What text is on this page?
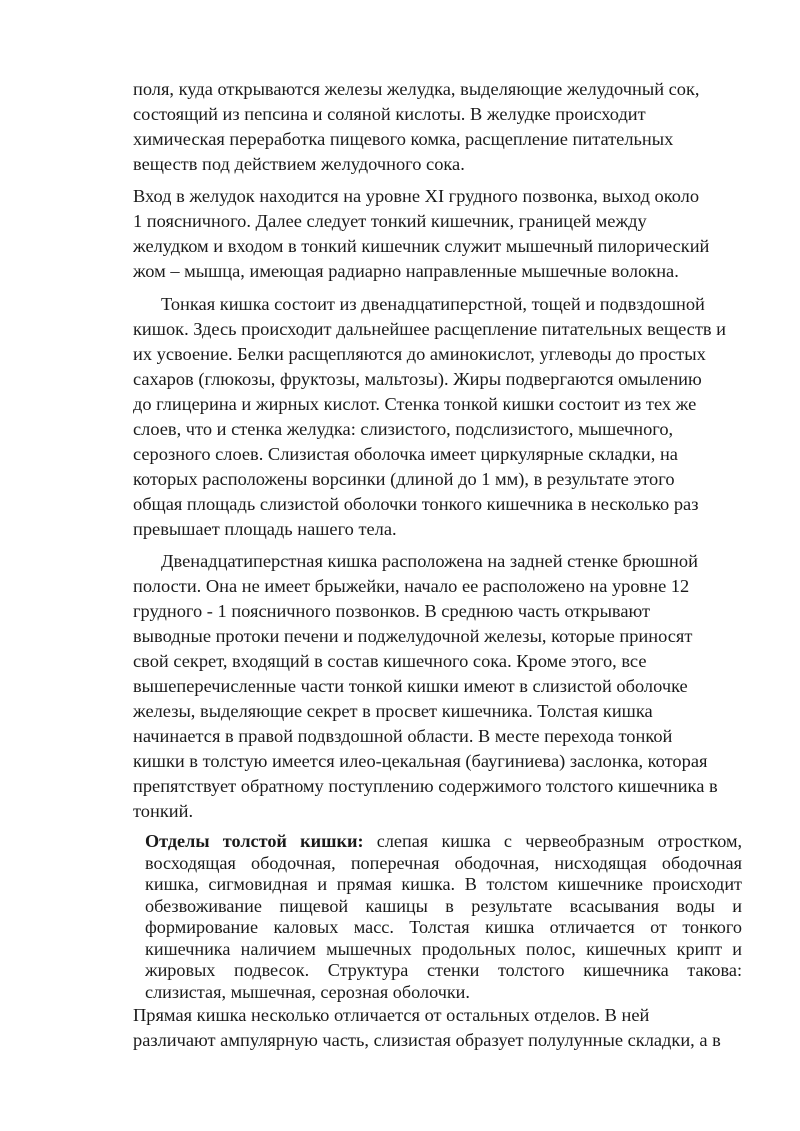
поля, куда открываются железы желудка, выделяющие желудочный сок,
состоящий из пепсина и соляной кислоты. В желудке происходит
химическая переработка пищевого комка, расщепление питательных
веществ под действием желудочного сока.
Вход в желудок находится на уровне XI грудного позвонка, выход около
1 поясничного. Далее следует тонкий кишечник, границей между
желудком и входом в тонкий кишечник служит мышечный пилорический
жом – мышца, имеющая радиарно направленные мышечные волокна.
Тонкая кишка состоит из двенадцатиперстной, тощей и подвздошной
кишок. Здесь происходит дальнейшее расщепление питательных веществ и
их усвоение. Белки расщепляются до аминокислот, углеводы до простых
сахаров (глюкозы, фруктозы, мальтозы). Жиры подвергаются омылению
до глицерина и жирных кислот. Стенка тонкой кишки состоит из тех же
слоев, что и стенка желудка: слизистого, подслизистого, мышечного,
серозного слоев. Слизистая оболочка имеет циркулярные складки, на
которых расположены ворсинки (длиной до 1 мм), в результате этого
общая площадь слизистой оболочки тонкого кишечника в несколько раз
превышает площадь нашего тела.
Двенадцатиперстная кишка расположена на задней стенке брюшной
полости. Она не имеет брыжейки, начало ее расположено на уровне 12
грудного - 1 поясничного позвонков. В среднюю часть открывают
выводные протоки печени и поджелудочной железы, которые приносят
свой секрет, входящий в состав кишечного сока. Кроме этого, все
вышеперечисленные части тонкой кишки имеют в слизистой оболочке
железы, выделяющие секрет в просвет кишечника. Толстая кишка
начинается в правой подвздошной области. В месте перехода тонкой
кишки в толстую имеется илео-цекальная (баугиниева) заслонка, которая
препятствует обратному поступлению содержимого толстого кишечника в
тонкий.
Отделы толстой кишки: слепая кишка с червеобразным отростком,
восходящая ободочная, поперечная ободочная, нисходящая ободочная
кишка, сигмовидная и прямая кишка. В толстом кишечнике происходит
обезвоживание пищевой кашицы в результате всасывания воды и
формирование каловых масс. Толстая кишка отличается от тонкого
кишечника наличием мышечных продольных полос, кишечных крипт и
жировых подвесок. Структура стенки толстого кишечника такова:
слизистая, мышечная, серозная оболочки.
Прямая кишка несколько отличается от остальных отделов. В ней
различают ампулярную часть, слизистая образует полулунные складки, а в
